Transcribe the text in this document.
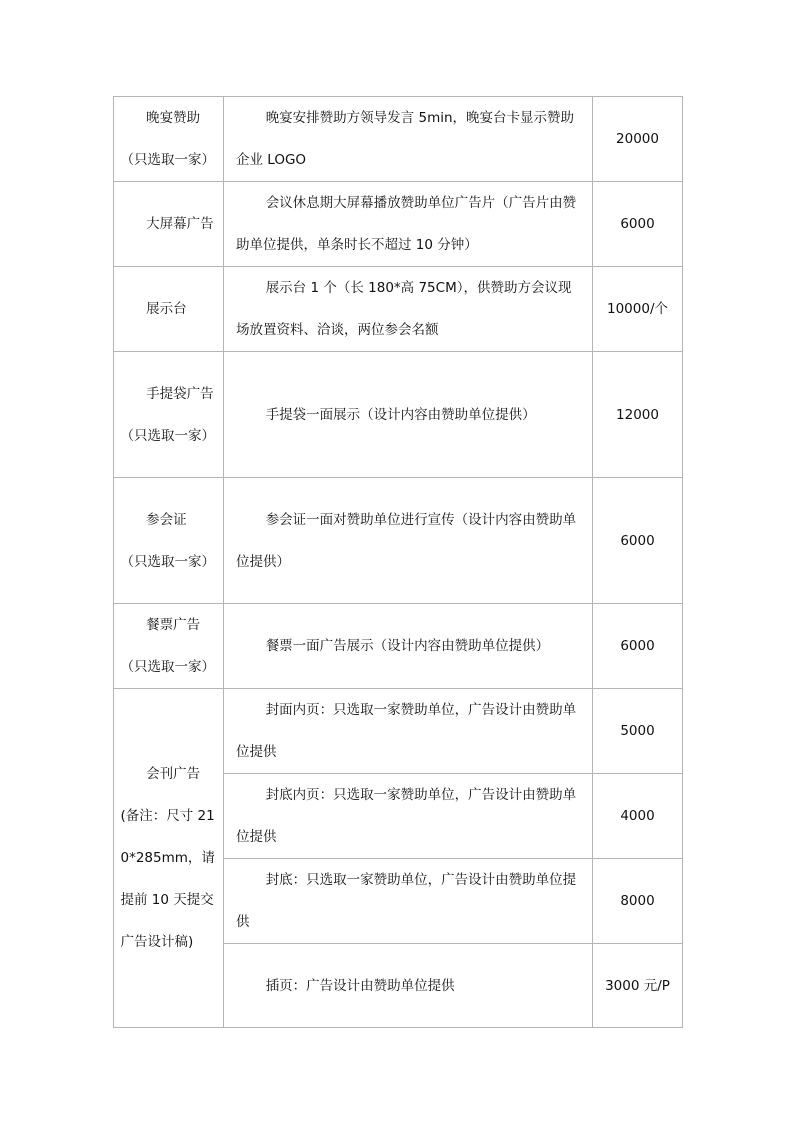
晚宴赞助（只选取一家）	晚宴安排赞助方领导发言 5min，晚宴台卡显示赞助企业 LOGO	20000
大屏幕广告	会议休息期大屏幕播放赞助单位广告片（广告片由赞助单位提供，单条时长不超过 10 分钟）	6000
展示台	展示台 1 个（长 180*高 75CM），供赞助方会议现场放置资料、洽谈，两位参会名额	10000/个
手提袋广告 （只选取一家）	手提袋一面展示（设计内容由赞助单位提供）	12000
参会证 （只选取一家）	参会证一面对赞助单位进行宣传（设计内容由赞助单位提供）	6000
餐票广告（只选取一家）	餐票一面广告展示（设计内容由赞助单位提供）	6000
会刊广告 (备注：尺寸 210*285mm，请提前 10 天提交广告设计稿)	封面内页：只选取一家赞助单位，广告设计由赞助单位提供	5000

	封底内页：只选取一家赞助单位，广告设计由赞助单位提供	4000

	封底：只选取一家赞助单位，广告设计由赞助单位提供	8000

	插页：广告设计由赞助单位提供	3000 元/P
